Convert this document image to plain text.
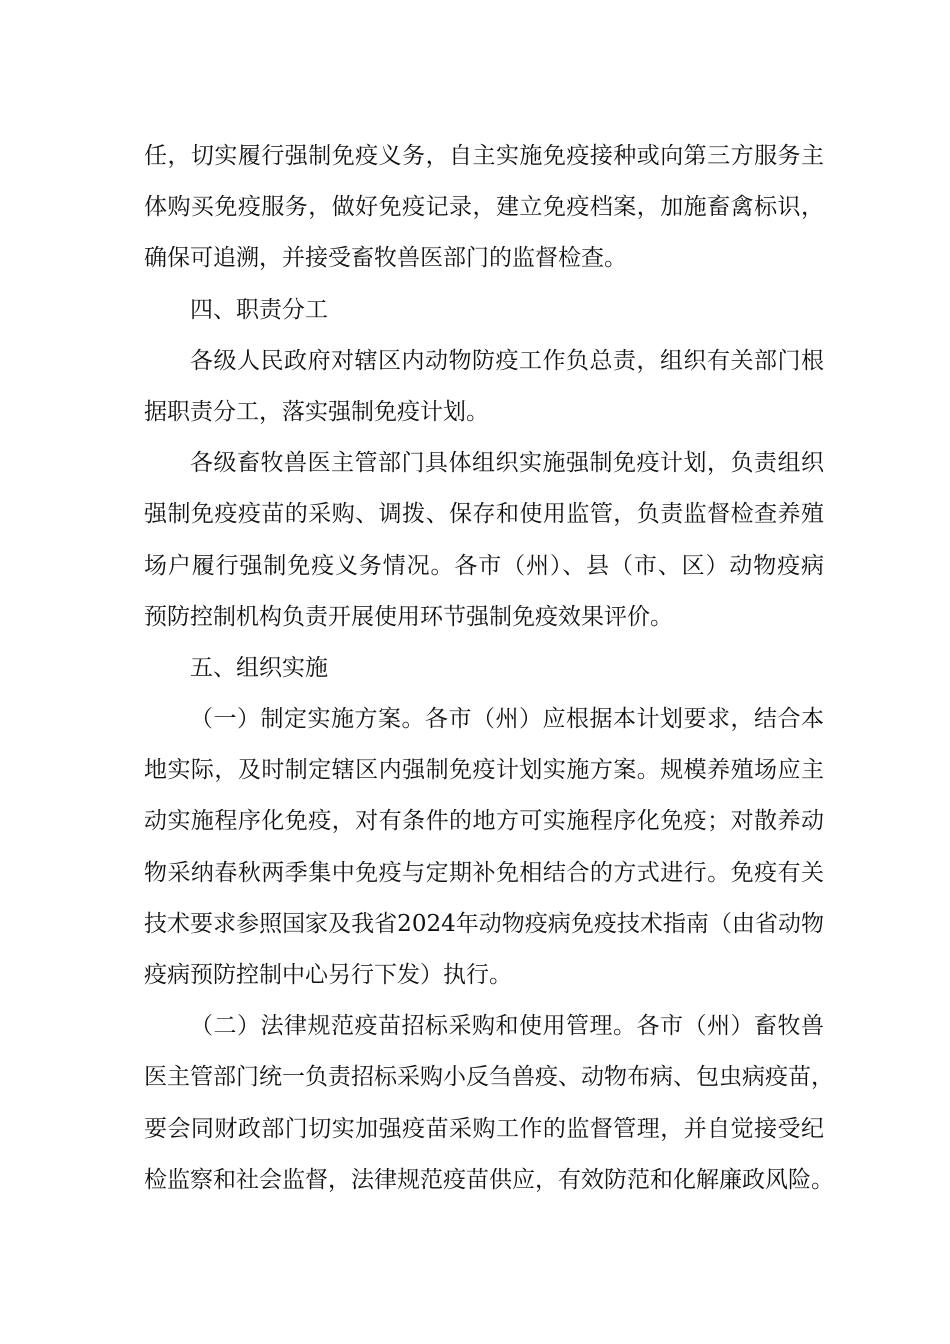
任，切实履行强制免疫义务，自主实施免疫接种或向第三方服务主
体购买免疫服务，做好免疫记录，建立免疫档案，加施畜禽标识，
确保可追溯，并接受畜牧兽医部门的监督检查。
四、职责分工
各级人民政府对辖区内动物防疫工作负总责，组织有关部门根
据职责分工，落实强制免疫计划。
各级畜牧兽医主管部门具体组织实施强制免疫计划，负责组织
强制免疫疫苗的采购、调拨、保存和使用监管，负责监督检查养殖
场户履行强制免疫义务情况。各市（州）、县（市、区）动物疫病
预防控制机构负责开展使用环节强制免疫效果评价。
五、组织实施
（一）制定实施方案。各市（州）应根据本计划要求，结合本
地实际，及时制定辖区内强制免疫计划实施方案。规模养殖场应主
动实施程序化免疫，对有条件的地方可实施程序化免疫；对散养动
物采纳春秋两季集中免疫与定期补免相结合的方式进行。免疫有关
技术要求参照国家及我省2024年动物疫病免疫技术指南（由省动物
疫病预防控制中心另行下发）执行。
（二）法律规范疫苗招标采购和使用管理。各市（州）畜牧兽
医主管部门统一负责招标采购小反刍兽疫、动物布病、包虫病疫苗，
要会同财政部门切实加强疫苗采购工作的监督管理，并自觉接受纪
检监察和社会监督，法律规范疫苗供应，有效防范和化解廉政风险。
